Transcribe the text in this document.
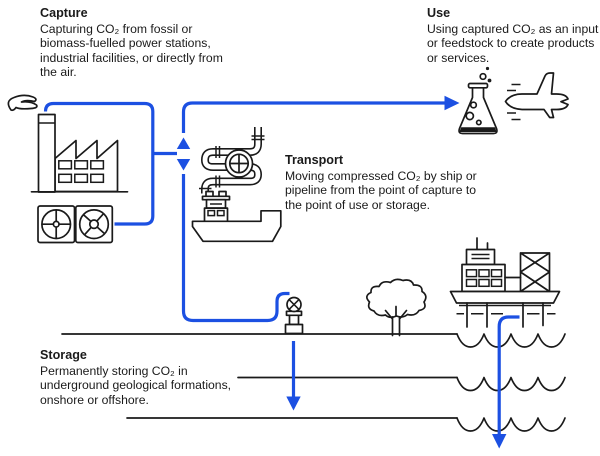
Capture
Capturing CO₂ from fossil or
biomass-fuelled power stations,
industrial facilities, or directly from
the air.
Use
Using captured CO₂ as an input
or feedstock to create products
or services.
Transport
Moving compressed CO₂ by ship or
pipeline from the point of capture to
the point of use or storage.
Storage
Permanently storing CO₂ in
underground geological formations,
onshore or offshore.
